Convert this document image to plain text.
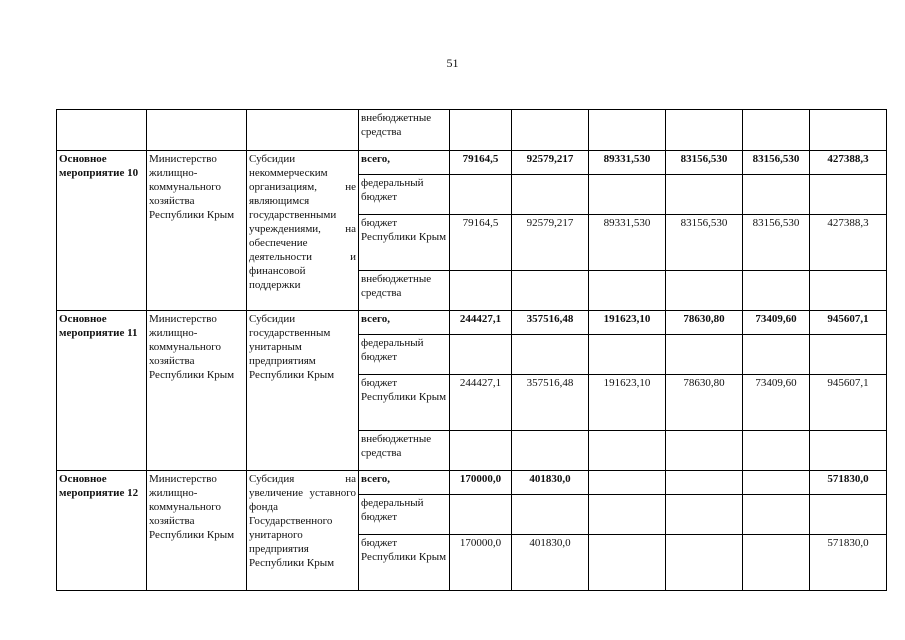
51
			внебюджетные средства						
Основное мероприятие 10	Министерство жилищно-коммунального хозяйства Республики Крым	Субсидии некоммерческим организациям, не являющимся государственными учреждениями, на обеспечение деятельности и финансовой поддержки	всего,	79164,5	92579,217	89331,530	83156,530	83156,530	427388,3
			федеральный бюджет						
			бюджет Республики Крым	79164,5	92579,217	89331,530	83156,530	83156,530	427388,3
			внебюджетные средства						
Основное мероприятие 11	Министерство жилищно-коммунального хозяйства Республики Крым	Субсидии государственным унитарным предприятиям Республики Крым	всего,	244427,1	357516,48	191623,10	78630,80	73409,60	945607,1
			федеральный бюджет						
			бюджет Республики Крым	244427,1	357516,48	191623,10	78630,80	73409,60	945607,1
			внебюджетные средства						
Основное мероприятие 12	Министерство жилищно-коммунального хозяйства Республики Крым	Субсидия на увеличение уставного фонда Государственного унитарного предприятия Республики Крым	всего,	170000,0	401830,0				571830,0
			федеральный бюджет						
			бюджет Республики Крым	170000,0	401830,0				571830,0
